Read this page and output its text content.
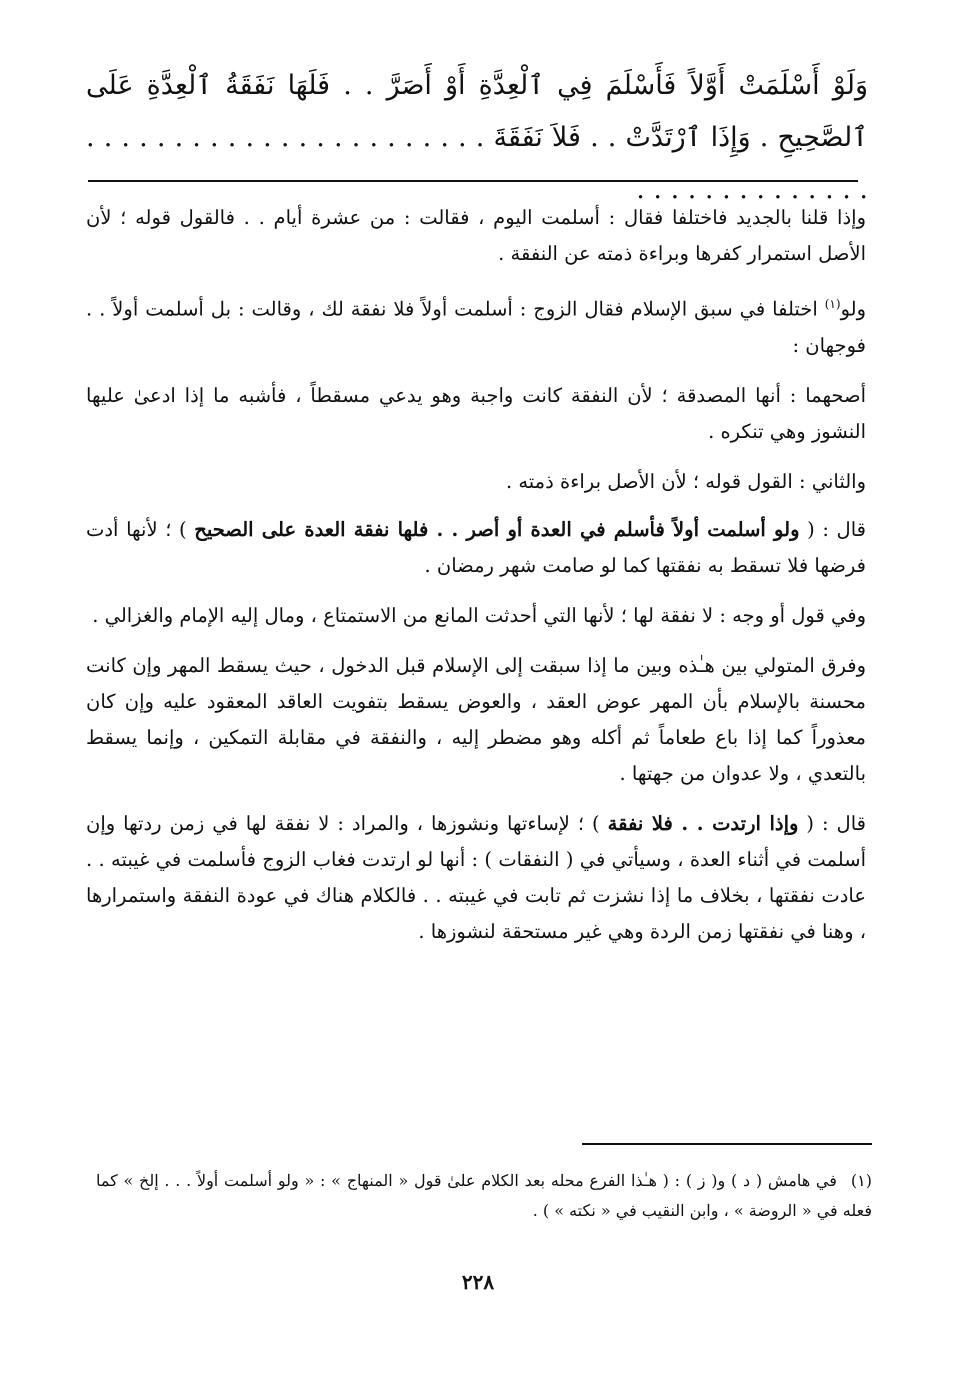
وَلَوْ أَسْلَمَتْ أَوَّلاً فَأَسْلَمَ فِي ٱلْعِدَّةِ أَوْ أَصَرَّ . . فَلَهَا نَفَقَةُ ٱلْعِدَّةِ عَلَى ٱلصَّحِيحِ . وَإِذَا ٱرْتَدَّتْ . . فَلاَ نَفَقَةَ . . . . . . . . . . . . . . . . . . . . . . . . . . . . . . . . . . . . .

وإذا قلنا بالجديد فاختلفا فقال : أسلمت اليوم ، فقالت : من عشرة أيام . . فالقول قوله ؛ لأن الأصل استمرار كفرها وبراءة ذمته عن النفقة .

ولو$^{(١)}$ اختلفا في سبق الإسلام فقال الزوج : أسلمت أولاً فلا نفقة لك ، وقالت : بل أسلمت أولاً . . فوجهان :

أصحهما : أنها المصدقة ؛ لأن النفقة كانت واجبة وهو يدعي مسقطاً ، فأشبه ما إذا ادعىٰ عليها النشوز وهي تنكره .

والثاني : القول قوله ؛ لأن الأصل براءة ذمته .

قال : ( ولو أسلمت أولاً فأسلم في العدة أو أصر . . فلها نفقة العدة على الصحيح ) ؛ لأنها أدت فرضها فلا تسقط به نفقتها كما لو صامت شهر رمضان .

وفي قول أو وجه : لا نفقة لها ؛ لأنها التي أحدثت المانع من الاستمتاع ، ومال إليه الإمام والغزالي .

وفرق المتولي بين هـٰذه وبين ما إذا سبقت إلى الإسلام قبل الدخول ، حيث يسقط المهر وإن كانت محسنة بالإسلام بأن المهر عوض العقد ، والعوض يسقط بتفويت العاقد المعقود عليه وإن كان معذوراً كما إذا باع طعاماً ثم أكله وهو مضطر إليه ، والنفقة في مقابلة التمكين ، وإنما يسقط بالتعدي ، ولا عدوان من جهتها .

قال : ( وإذا ارتدت . . فلا نفقة ) ؛ لإساءتها ونشوزها ، والمراد : لا نفقة لها في زمن ردتها وإن أسلمت في أثناء العدة ، وسيأتي في ( النفقات ) : أنها لو ارتدت فغاب الزوج فأسلمت في غيبته . . عادت نفقتها ، بخلاف ما إذا نشزت ثم تابت في غيبته . . فالكلام هناك في عودة النفقة واستمرارها ، وهنا في نفقتها زمن الردة وهي غير مستحقة لنشوزها .

(١)في هامش ( د ) و( ز ) : ( هـٰذا الفرع محله بعد الكلام علىٰ قول « المنهاج » : « ولو أسلمت أولاً . . . إلخ » كما فعله في « الروضة » ، وابن النقيب في « نكته » ) .
٢٢٨
